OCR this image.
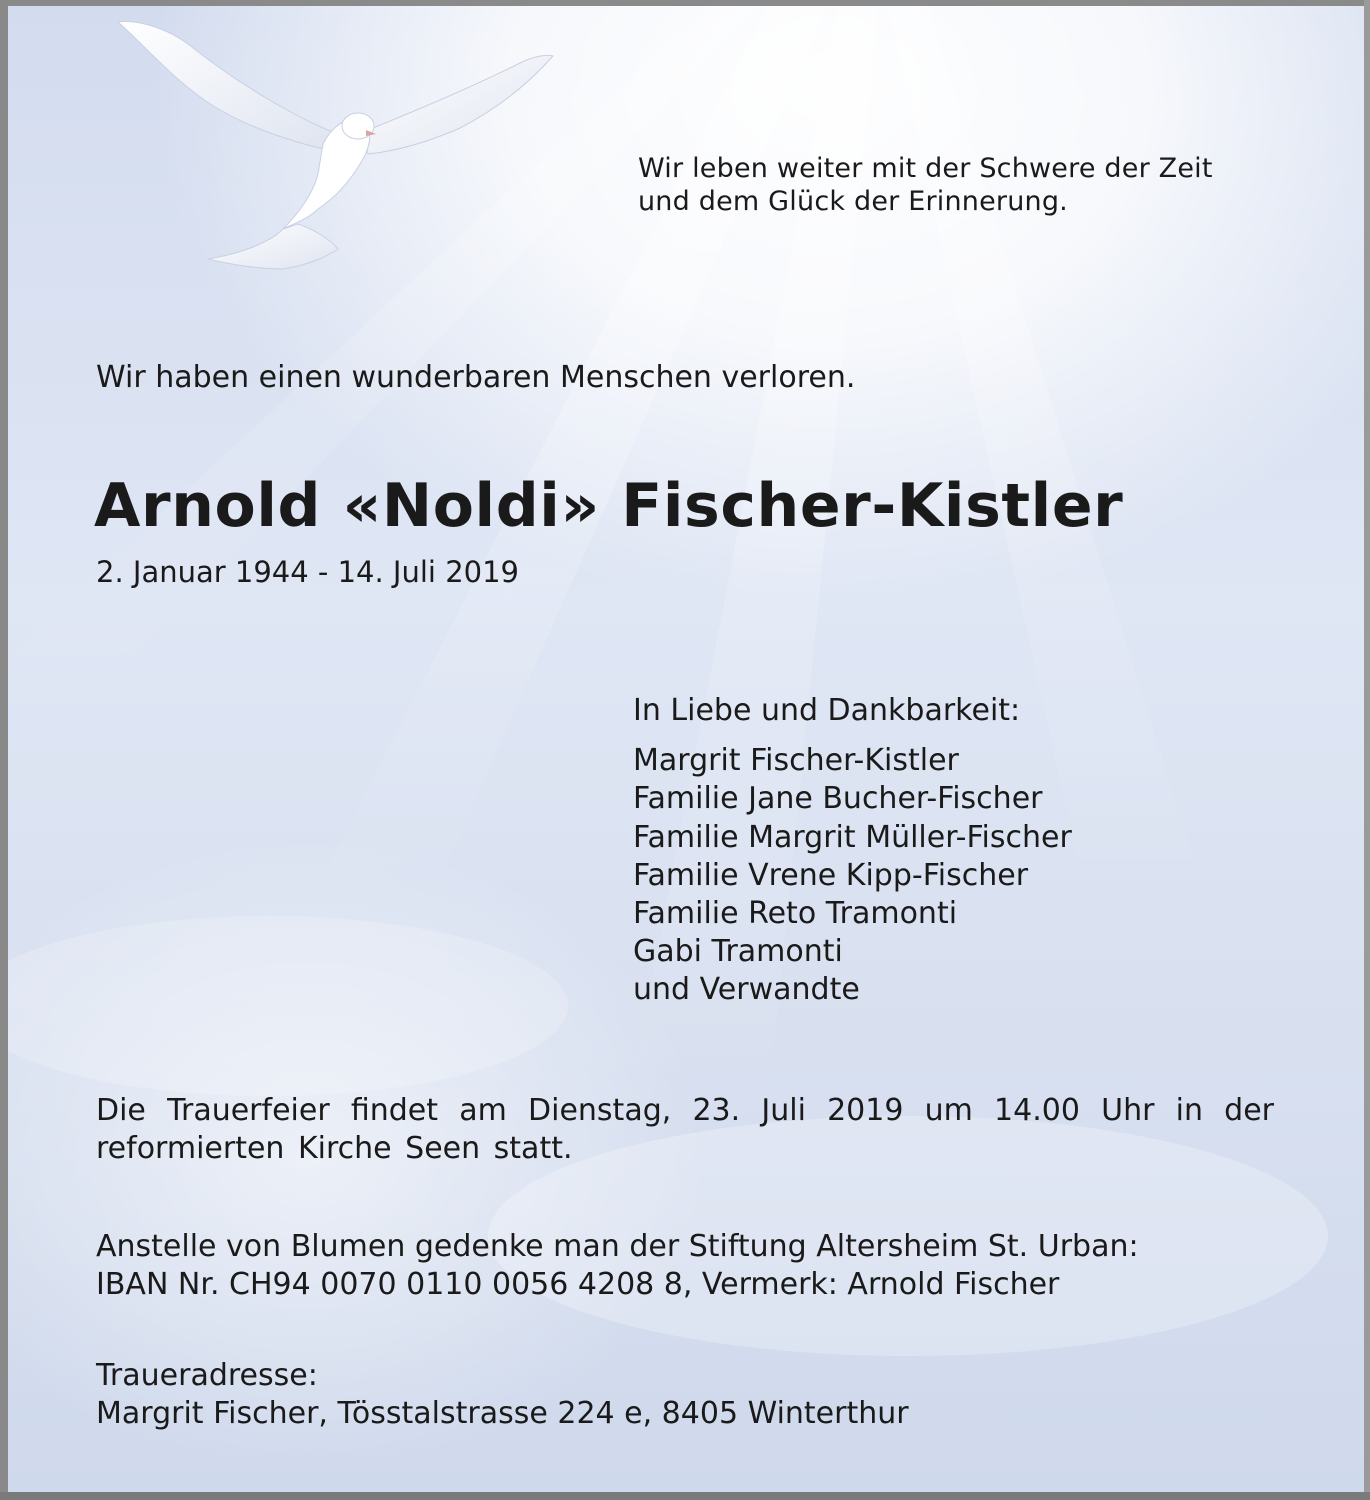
Wir leben weiter mit der Schwere der Zeit
und dem Glück der Erinnerung.
Wir haben einen wunderbaren Menschen verloren.
Arnold «Noldi» Fischer-Kistler
2. Januar 1944 - 14. Juli 2019
In Liebe und Dankbarkeit:
Margrit Fischer-Kistler
Familie Jane Bucher-Fischer
Familie Margrit Müller-Fischer
Familie Vrene Kipp-Fischer
Familie Reto Tramonti
Gabi Tramonti
und Verwandte
Die Trauerfeier findet am Dienstag, 23. Juli 2019 um 14.00 Uhr in der reformierten Kirche Seen statt.
Anstelle von Blumen gedenke man der Stiftung Altersheim St. Urban:
IBAN Nr. CH94 0070 0110 0056 4208 8, Vermerk: Arnold Fischer
Traueradresse:
Margrit Fischer, Tösstalstrasse 224 e, 8405 Winterthur
